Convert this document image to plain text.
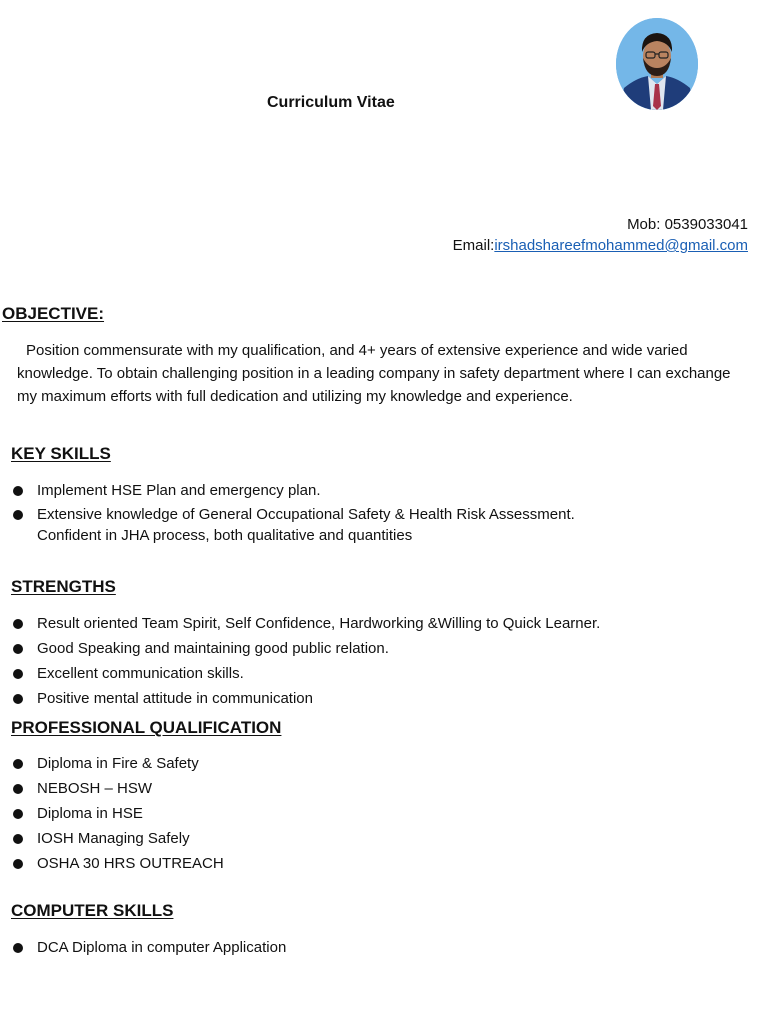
Curriculum Vitae
Mob: 0539033041
Email:irshadshareefmohammed@gmail.com
OBJECTIVE:
Position commensurate with my qualification, and 4+ years of extensive experience and wide varied knowledge. To obtain challenging position in a leading company in safety department where I can exchange my maximum efforts with full dedication and utilizing my knowledge and experience.
KEY SKILLS
Implement HSE Plan and emergency plan.
Extensive knowledge of General Occupational Safety & Health Risk Assessment.
Confident in JHA process, both qualitative and quantities
STRENGTHS
Result oriented Team Spirit, Self Confidence, Hardworking &Willing to Quick Learner.
Good Speaking and maintaining good public relation.
Excellent communication skills.
Positive mental attitude in communication
PROFESSIONAL QUALIFICATION
Diploma in Fire & Safety
NEBOSH – HSW
Diploma in HSE
IOSH Managing Safely
OSHA 30 HRS OUTREACH
COMPUTER SKILLS
DCA Diploma in computer Application
